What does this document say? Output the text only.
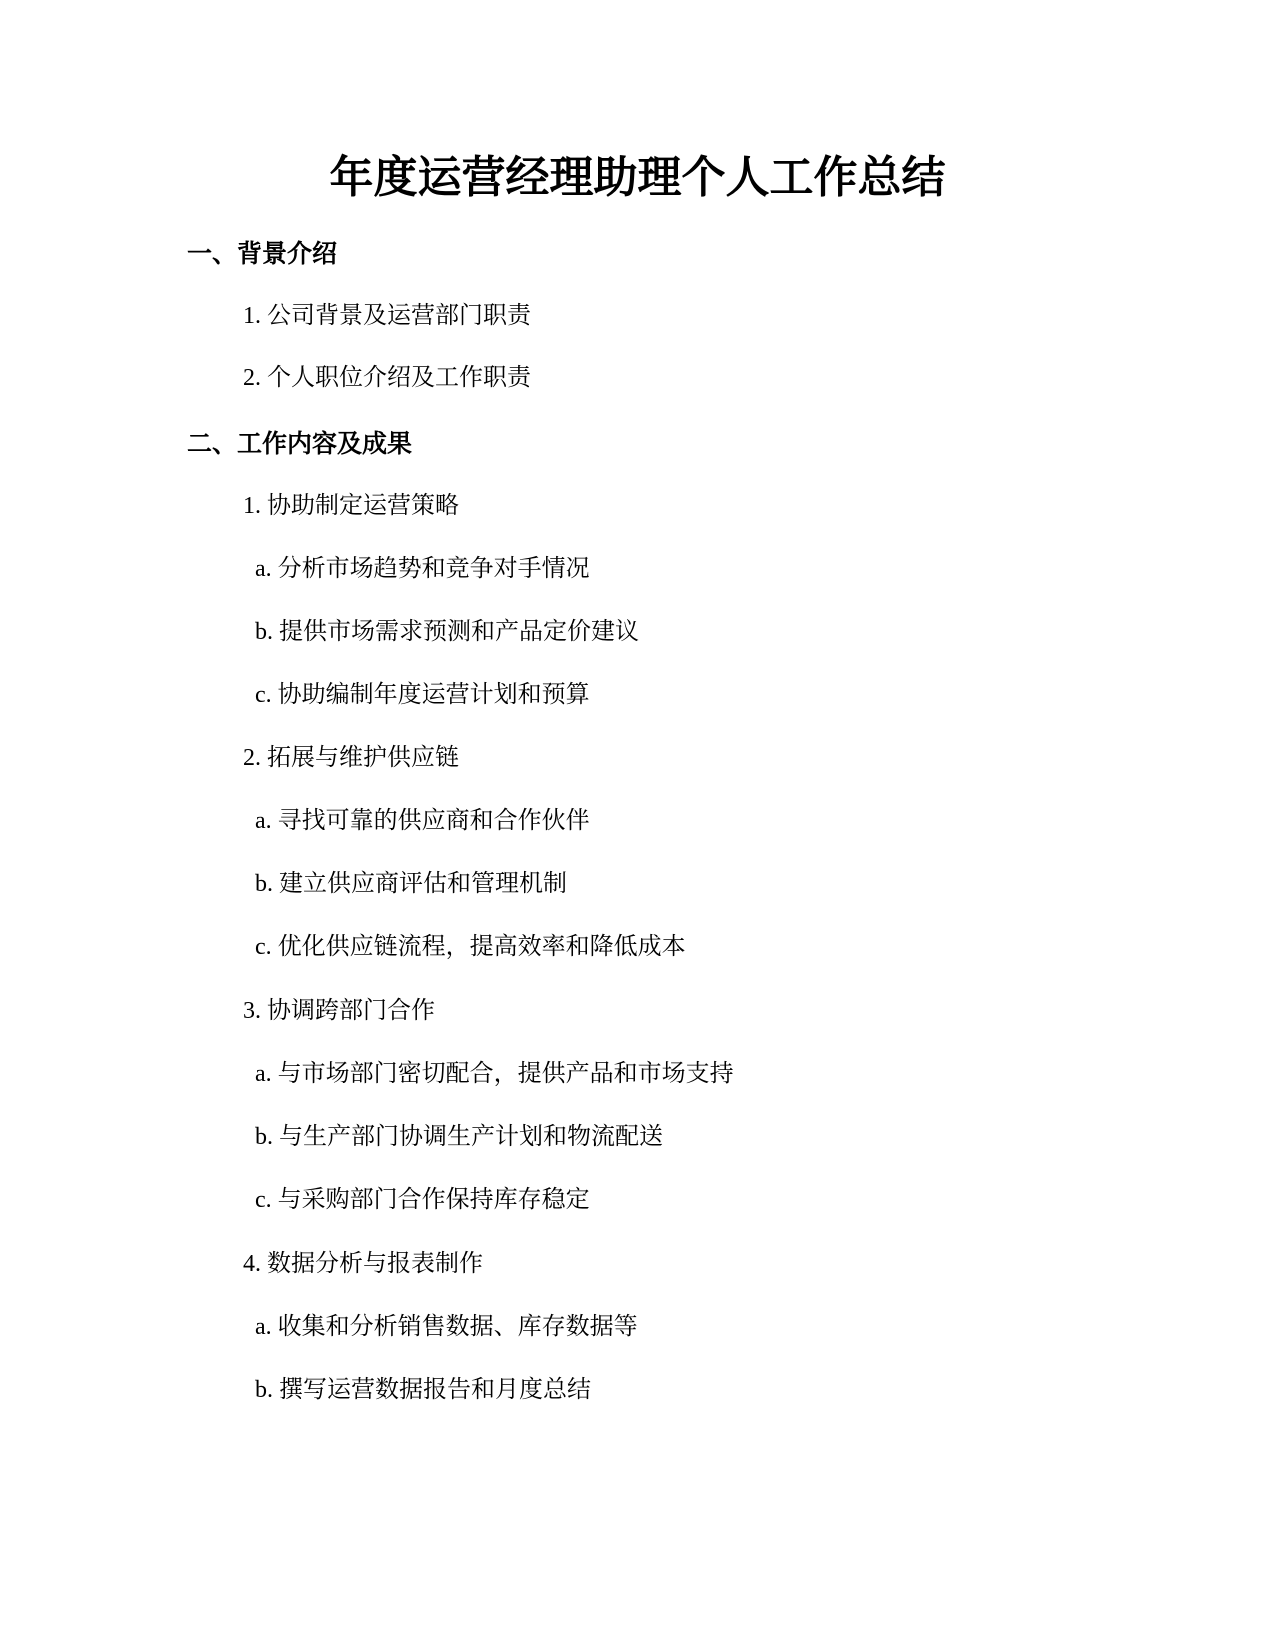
年度运营经理助理个人工作总结
一、背景介绍

1. 公司背景及运营部门职责

2. 个人职位介绍及工作职责

二、工作内容及成果

1. 协助制定运营策略

a. 分析市场趋势和竞争对手情况

b. 提供市场需求预测和产品定价建议

c. 协助编制年度运营计划和预算

2. 拓展与维护供应链

a. 寻找可靠的供应商和合作伙伴

b. 建立供应商评估和管理机制

c. 优化供应链流程，提高效率和降低成本

3. 协调跨部门合作

a. 与市场部门密切配合，提供产品和市场支持

b. 与生产部门协调生产计划和物流配送

c. 与采购部门合作保持库存稳定

4. 数据分析与报表制作

a. 收集和分析销售数据、库存数据等

b. 撰写运营数据报告和月度总结
